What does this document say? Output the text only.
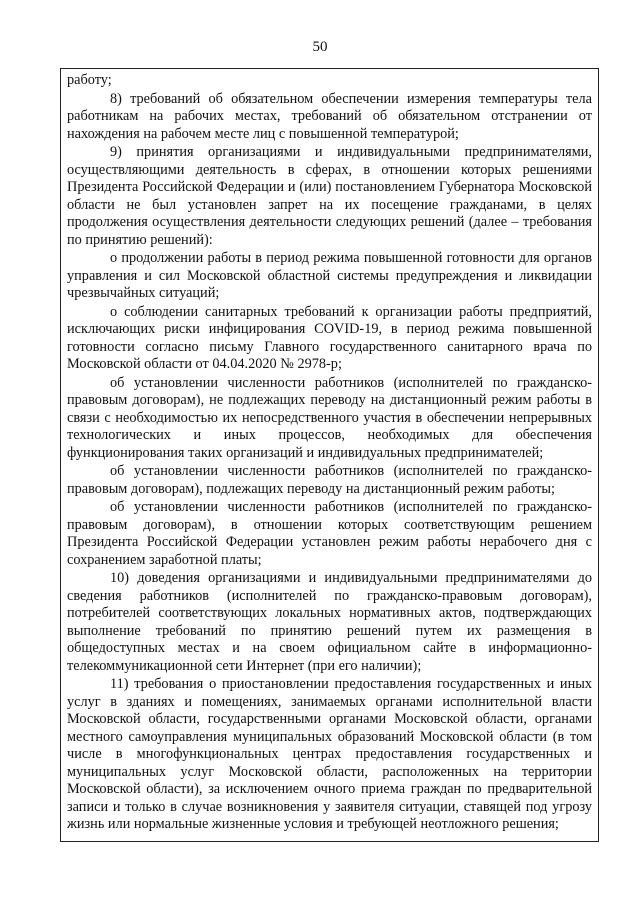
50

работу;

8) требований об обязательном обеспечении измерения температуры тела работникам на рабочих местах, требований об обязательном отстранении от нахождения на рабочем месте лиц с повышенной температурой;

9) принятия организациями и индивидуальными предпринимателями, осуществляющими деятельность в сферах, в отношении которых решениями Президента Российской Федерации и (или) постановлением Губернатора Московской области не был установлен запрет на их посещение гражданами, в целях продолжения осуществления деятельности следующих решений (далее – требования по принятию решений):

о продолжении работы в период режима повышенной готовности для органов управления и сил Московской областной системы предупреждения и ликвидации чрезвычайных ситуаций;

о соблюдении санитарных требований к организации работы предприятий, исключающих риски инфицирования COVID-19, в период режима повышенной готовности согласно письму Главного государственного санитарного врача по Московской области от 04.04.2020 № 2978-р;

об установлении численности работников (исполнителей по гражданско-правовым договорам), не подлежащих переводу на дистанционный режим работы в связи с необходимостью их непосредственного участия в обеспечении непрерывных технологических и иных процессов, необходимых для обеспечения функционирования таких организаций и индивидуальных предпринимателей;

об установлении численности работников (исполнителей по гражданско-правовым договорам), подлежащих переводу на дистанционный режим работы;

об установлении численности работников (исполнителей по гражданско-правовым договорам), в отношении которых соответствующим решением Президента Российской Федерации установлен режим работы нерабочего дня с сохранением заработной платы;

10) доведения организациями и индивидуальными предпринимателями до сведения работников (исполнителей по гражданско-правовым договорам), потребителей соответствующих локальных нормативных актов, подтверждающих выполнение требований по принятию решений путем их размещения в общедоступных местах и на своем официальном сайте в информационно-телекоммуникационной сети Интернет (при его наличии);

11) требования о приостановлении предоставления государственных и иных услуг в зданиях и помещениях, занимаемых органами исполнительной власти Московской области, государственными органами Московской области, органами местного самоуправления муниципальных образований Московской области (в том числе в многофункциональных центрах предоставления государственных и муниципальных услуг Московской области, расположенных на территории Московской области), за исключением очного приема граждан по предварительной записи и только в случае возникновения у заявителя ситуации, ставящей под угрозу жизнь или нормальные жизненные условия и требующей неотложного решения;
